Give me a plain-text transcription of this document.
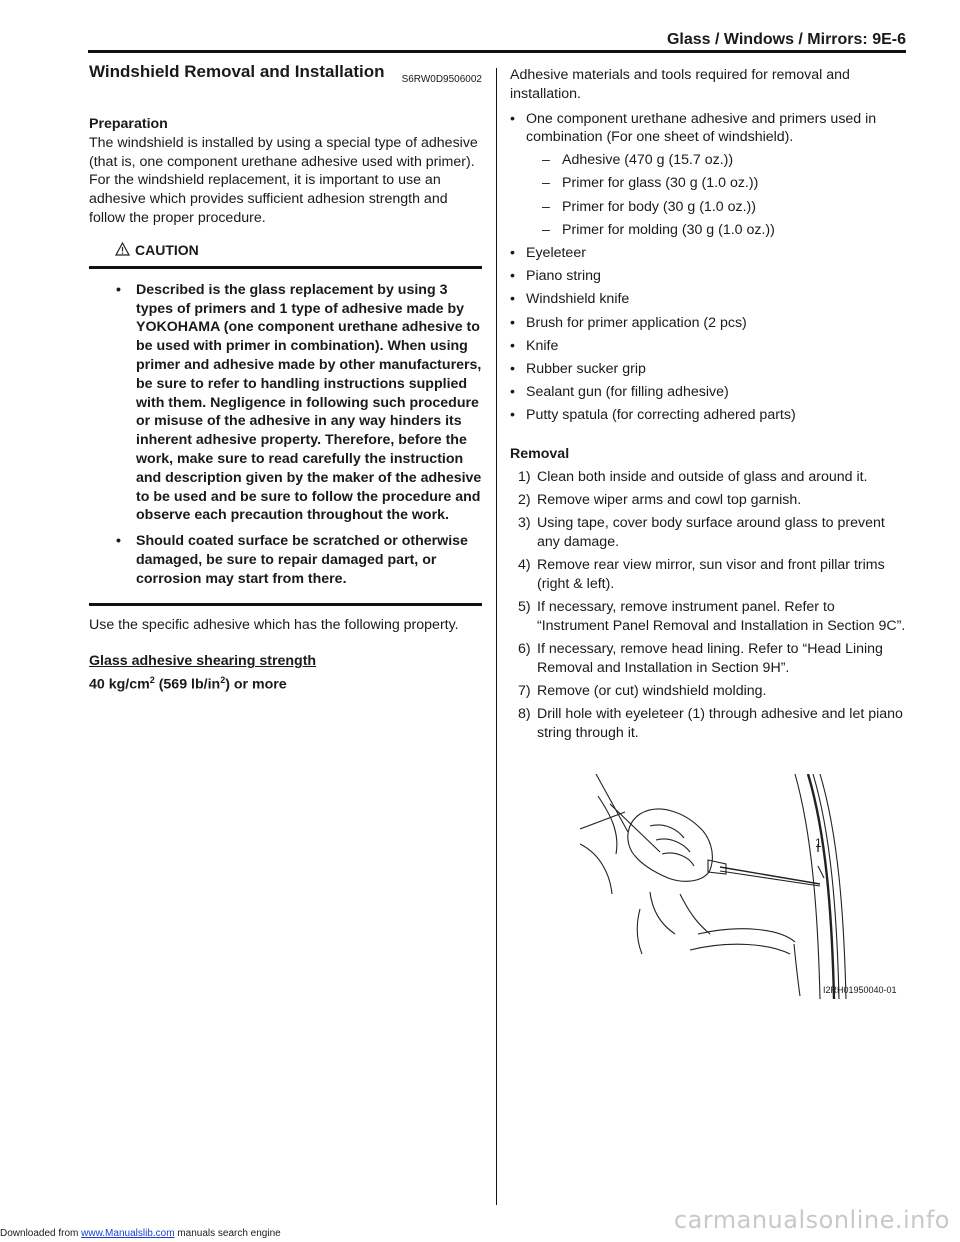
Glass / Windows / Mirrors: 9E-6
Windshield Removal and Installation S6RW0D9506002

Preparation

The windshield is installed by using a special type of adhesive (that is, one component urethane adhesive used with primer). For the windshield replacement, it is important to use an adhesive which provides sufficient adhesion strength and follow the proper procedure.

CAUTION
• Described is the glass replacement by using 3 types of primers and 1 type of adhesive made by YOKOHAMA (one component urethane adhesive to be used with primer in combination). When using primer and adhesive made by other manufacturers, be sure to refer to handling instructions supplied with them. Negligence in following such procedure or misuse of the adhesive in any way hinders its inherent adhesive property. Therefore, before the work, make sure to read carefully the instruction and description given by the maker of the adhesive to be used and be sure to follow the procedure and observe each precaution throughout the work.
• Should coated surface be scratched or otherwise damaged, be sure to repair damaged part, or corrosion may start from there.

Use the specific adhesive which has the following property.

Glass adhesive shearing strength

40 $kg/cm^2$ (569 $lb/in^2$) or more

Adhesive materials and tools required for removal and installation.

• One component urethane adhesive and primers used in combination (For one sheet of windshield).
– Adhesive (470 g (15.7 oz.))
– Primer for glass (30 g (1.0 oz.))
– Primer for body (30 g (1.0 oz.))
– Primer for molding (30 g (1.0 oz.))
• Eyeleteer
• Piano string
• Windshield knife
• Brush for primer application (2 pcs)
• Knife
• Rubber sucker grip
• Sealant gun (for filling adhesive)
• Putty spatula (for correcting adhered parts)

Removal

1) Clean both inside and outside of glass and around it.
2) Remove wiper arms and cowl top garnish.
3) Using tape, cover body surface around glass to prevent any damage.
4) Remove rear view mirror, sun visor and front pillar trims (right & left).
5) If necessary, remove instrument panel. Refer to “Instrument Panel Removal and Installation in Section 9C”.
6) If necessary, remove head lining. Refer to “Head Lining Removal and Installation in Section 9H”.
7) Remove (or cut) windshield molding.
8) Drill hole with eyeleteer (1) through adhesive and let piano string through it.
I2RH01950040-01
1
Downloaded from www.Manualslib.com manuals search engine	carmanualsonline.info
